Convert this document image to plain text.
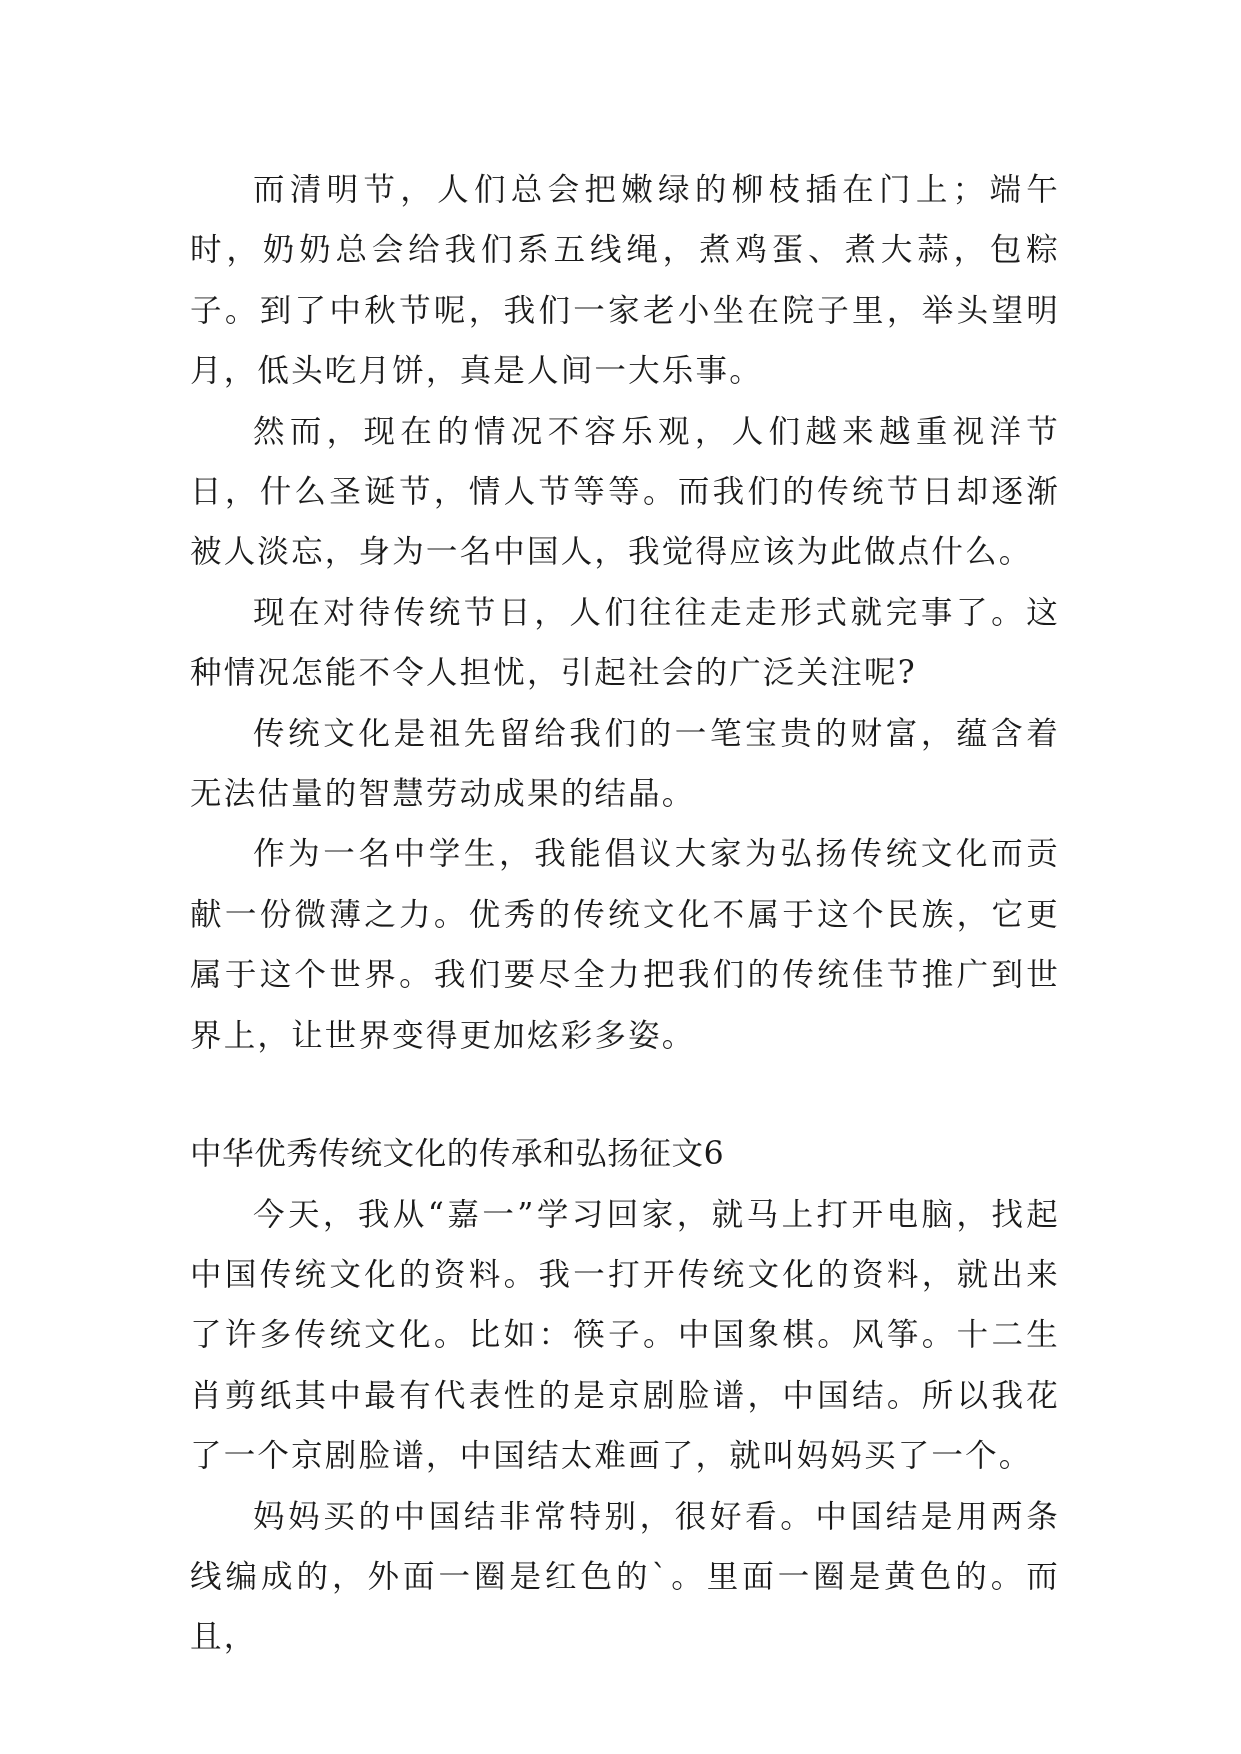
而清明节，人们总会把嫩绿的柳枝插在门上；端午时，奶奶总会给我们系五线绳，煮鸡蛋、煮大蒜，包粽子。到了中秋节呢，我们一家老小坐在院子里，举头望明月，低头吃月饼，真是人间一大乐事。

然而，现在的情况不容乐观，人们越来越重视洋节日，什么圣诞节，情人节等等。而我们的传统节日却逐渐被人淡忘，身为一名中国人，我觉得应该为此做点什么。

现在对待传统节日，人们往往走走形式就完事了。这种情况怎能不令人担忧，引起社会的广泛关注呢?

传统文化是祖先留给我们的一笔宝贵的财富，蕴含着无法估量的智慧劳动成果的结晶。

作为一名中学生，我能倡议大家为弘扬传统文化而贡献一份微薄之力。优秀的传统文化不属于这个民族，它更属于这个世界。我们要尽全力把我们的传统佳节推广到世界上，让世界变得更加炫彩多姿。

中华优秀传统文化的传承和弘扬征文6

今天，我从“嘉一”学习回家，就马上打开电脑，找起中国传统文化的资料。我一打开传统文化的资料，就出来了许多传统文化。比如：筷子。中国象棋。风筝。十二生肖剪纸其中最有代表性的是京剧脸谱，中国结。所以我花了一个京剧脸谱，中国结太难画了，就叫妈妈买了一个。

妈妈买的中国结非常特别，很好看。中国结是用两条线编成的，外面一圈是红色的`。里面一圈是黄色的。而且，
